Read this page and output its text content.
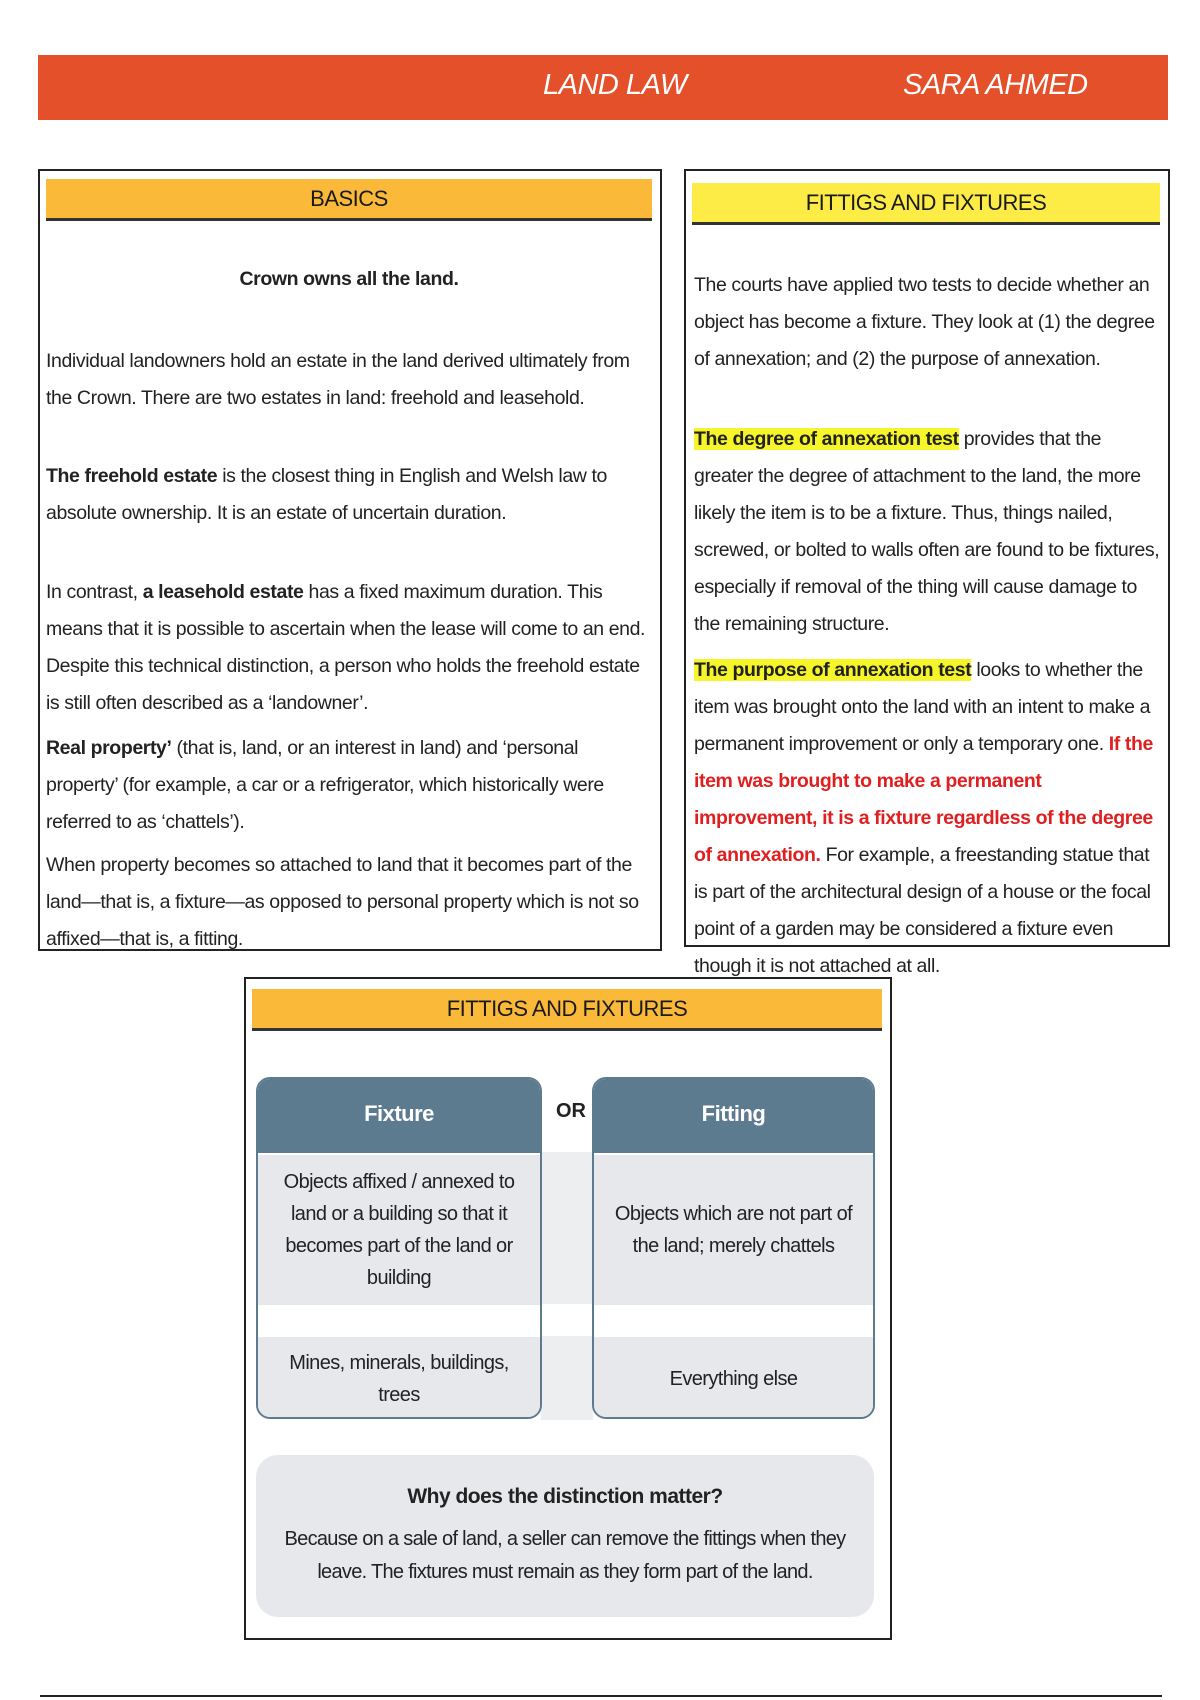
LAND LAW	SARA AHMED
BASICS

Crown owns all the land.

Individual landowners hold an estate in the land derived ultimately from the Crown. There are two estates in land: freehold and leasehold.

The freehold estate is the closest thing in English and Welsh law to absolute ownership. It is an estate of uncertain duration.

In contrast, a leasehold estate has a fixed maximum duration. This means that it is possible to ascertain when the lease will come to an end. Despite this technical distinction, a person who holds the freehold estate is still often described as a ‘landowner’.

Real property’ (that is, land, or an interest in land) and ‘personal property’ (for example, a car or a refrigerator, which historically were referred to as ‘chattels’).

When property becomes so attached to land that it becomes part of the land—that is, a fixture—as opposed to personal property which is not so affixed—that is, a fitting.

FITTIGS AND FIXTURES

The courts have applied two tests to decide whether an object has become a fixture. They look at (1) the degree of annexation; and (2) the purpose of annexation.

The degree of annexation test provides that the greater the degree of attachment to the land, the more likely the item is to be a fixture. Thus, things nailed, screwed, or bolted to walls often are found to be fixtures, especially if removal of the thing will cause damage to the remaining structure.

The purpose of annexation test looks to whether the item was brought onto the land with an intent to make a permanent improvement or only a temporary one. If the item was brought to make a permanent improvement, it is a fixture regardless of the degree of annexation. For example, a freestanding statue that is part of the architectural design of a house or the focal point of a garden may be considered a fixture even though it is not attached at all.

FITTIGS AND FIXTURES
Fixture
Objects affixed / annexed to land or a building so that it becomes part of the land or building
Mines, minerals, buildings, trees
OR	Fitting
Objects which are not part of the land; merely chattels
Everything else
Why does the distinction matter?
Because on a sale of land, a seller can remove the fittings when they leave. The fixtures must remain as they form part of the land.
